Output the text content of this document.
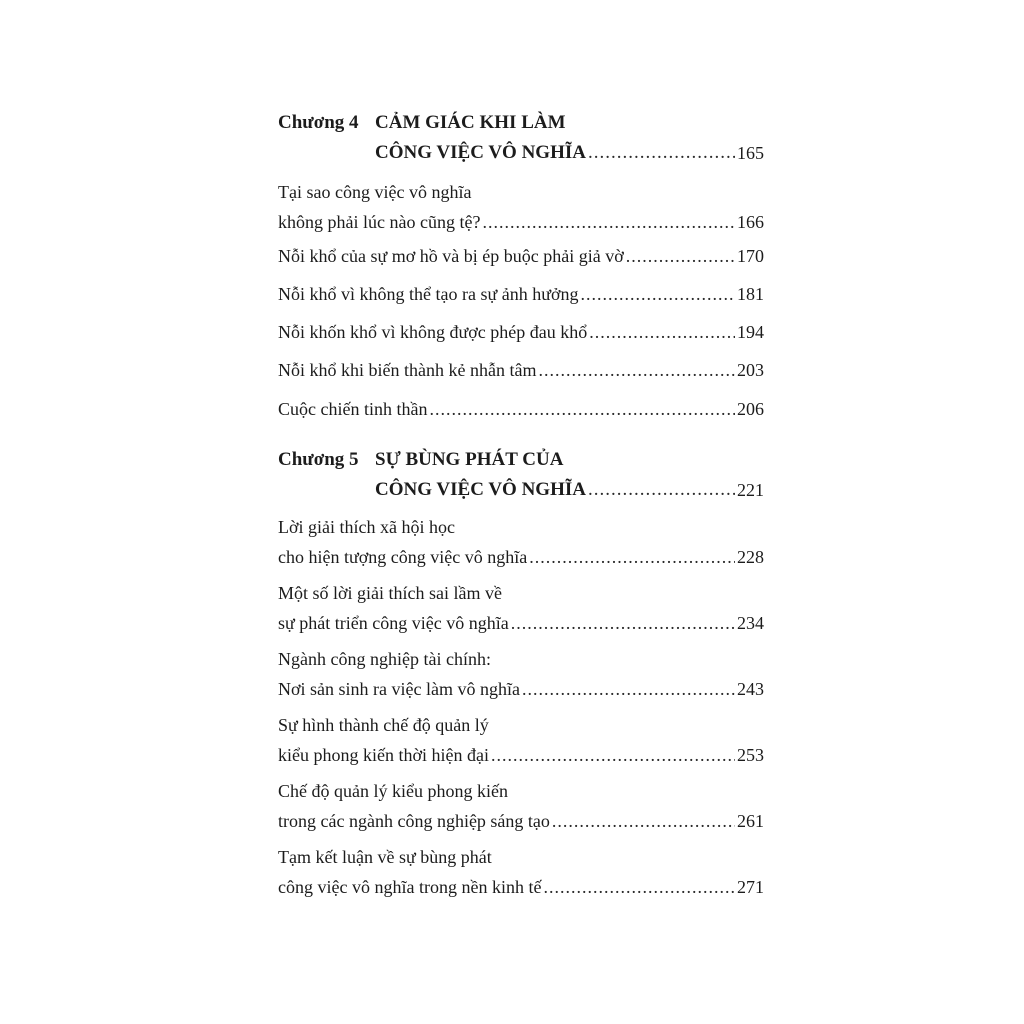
Chương 4 CẢM GIÁC KHI LÀM
CÔNG VIỆC VÔ NGHĨA .....	165
Tại sao công việc vô nghĩa
không phải lúc nào cũng tệ? .....	166
Nỗi khổ của sự mơ hồ và bị ép buộc phải giả vờ .....	170
Nỗi khổ vì không thể tạo ra sự ảnh hưởng .....	181
Nỗi khốn khổ vì không được phép đau khổ .....	194
Nỗi khổ khi biến thành kẻ nhẫn tâm .....	203
Cuộc chiến tinh thần .....	206
Chương 5 SỰ BÙNG PHÁT CỦA
CÔNG VIỆC VÔ NGHĨA .....	221
Lời giải thích xã hội học
cho hiện tượng công việc vô nghĩa .....	228
Một số lời giải thích sai lầm về
sự phát triển công việc vô nghĩa .....	234
Ngành công nghiệp tài chính:
Nơi sản sinh ra việc làm vô nghĩa .....	243
Sự hình thành chế độ quản lý
kiểu phong kiến thời hiện đại .....	253
Chế độ quản lý kiểu phong kiến
trong các ngành công nghiệp sáng tạo .....	261
Tạm kết luận về sự bùng phát
công việc vô nghĩa trong nền kinh tế .....	271
